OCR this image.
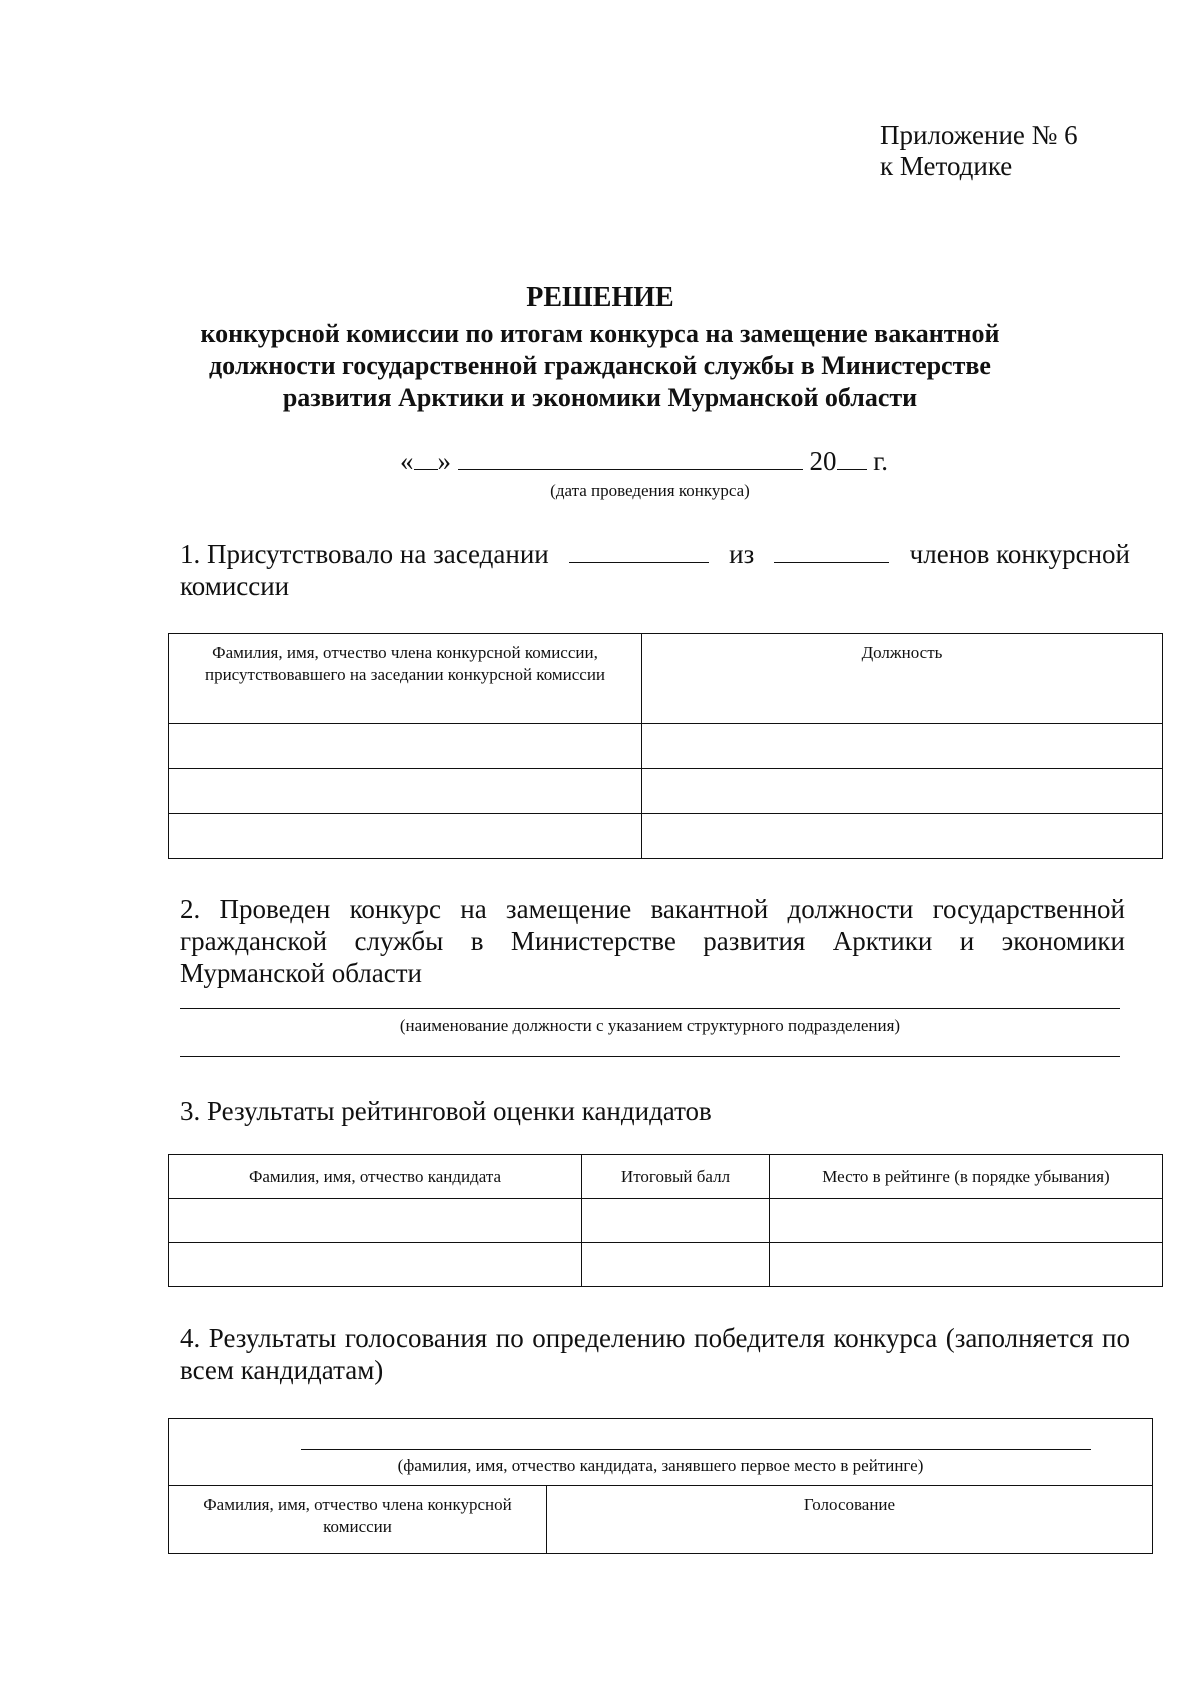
Приложение № 6
к Методике
РЕШЕНИЕ
конкурсной комиссии по итогам конкурса на замещение вакантной
должности государственной гражданской службы в Министерстве
развития Арктики и экономики Мурманской области
« »	20 г.
(дата проведения конкурса)
1. Присутствовало на заседании	из	членов конкурсной
комиссии
Фамилия, имя, отчество члена конкурсной комиссии, присутствовавшего на заседании конкурсной комиссии	Должность

2. Проведен конкурс на замещение вакантной должности государственной гражданской службы в Министерстве развития Арктики и экономики Мурманской области
(наименование должности с указанием структурного подразделения)
3. Результаты рейтинговой оценки кандидатов
Фамилия, имя, отчество кандидата	Итоговый балл	Место в рейтинге (в порядке убывания)

4. Результаты голосования по определению победителя конкурса (заполняется по всем кандидатам)
(фамилия, имя, отчество кандидата, занявшего первое место в рейтинге)

Фамилия, имя, отчество члена конкурсной комиссии	Голосование
